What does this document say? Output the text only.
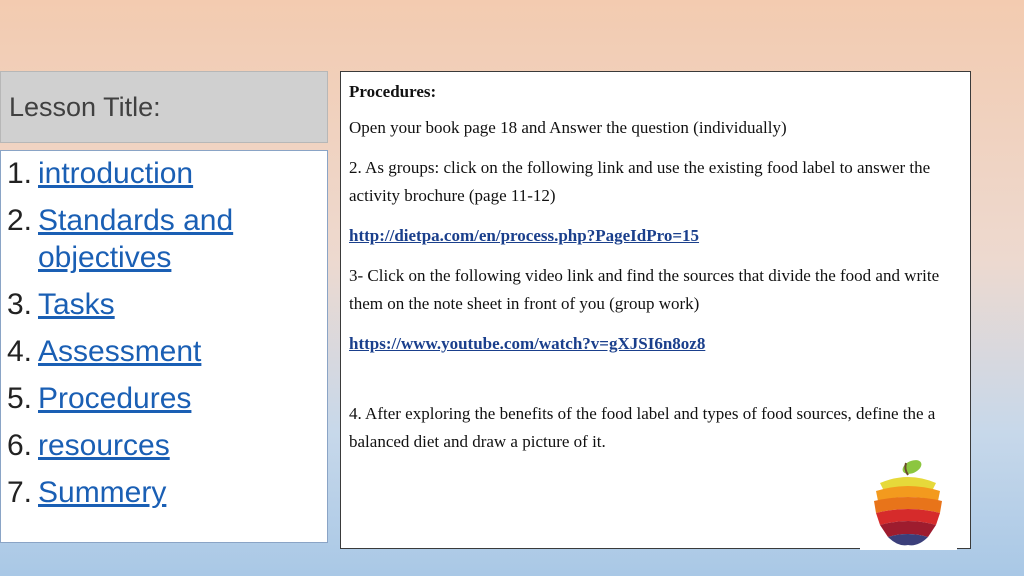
Lesson Title:
1. introduction
2. Standards and objectives
3. Tasks
4. Assessment
5. Procedures
6. resources
7. Summery

Procedures:

Open your book page 18 and Answer the question (individually)

2. As groups: click on the following link and use the existing food label to answer the activity brochure (page 11-12)

http://dietpa.com/en/process.php?PageIdPro=15

3- Click on the following video link and find the sources that divide the food and write them on the note sheet in front of you (group work)

https://www.youtube.com/watch?v=gXJSI6n8oz8

4. After exploring the benefits of the food label and types of food sources, define the a balanced diet and draw a picture of it.
